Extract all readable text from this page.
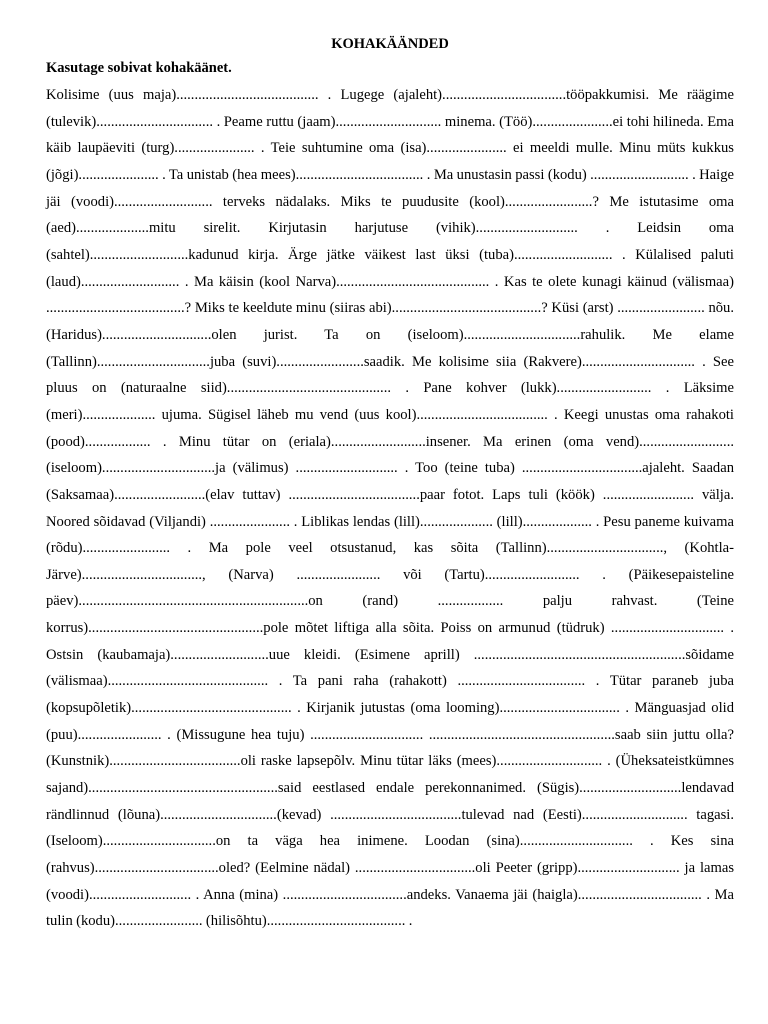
KOHAKÄÄNDED

Kasutage sobivat kohakäänet.

Kolisime (uus maja)....................................... . Lugege (ajaleht)..................................tööpakkumisi. Me räägime (tulevik)................................ . Peame ruttu (jaam)............................. minema. (Töö)......................ei tohi hilineda. Ema käib laupäeviti (turg)...................... . Teie suhtumine oma (isa)...................... ei meeldi mulle. Minu müts kukkus (jõgi)...................... . Ta unistab (hea mees)................................... . Ma unustasin passi (kodu) ........................... . Haige jäi (voodi)........................... terveks nädalaks. Miks te puudusite (kool)........................? Me istutasime oma (aed)....................mitu sirelit. Kirjutasin harjutuse (vihik)............................ . Leidsin oma (sahtel)...........................kadunud kirja. Ärge jätke väikest last üksi (tuba)........................... . Külalised paluti (laud)........................... . Ma käisin (kool Narva).......................................... . Kas te olete kunagi käinud (välismaa) ......................................? Miks te keeldute minu (siiras abi).........................................? Küsi (arst) ........................ nõu. (Haridus)..............................olen jurist. Ta on (iseloom)................................rahulik. Me elame (Tallinn)...............................juba (suvi)........................saadik. Me kolisime siia (Rakvere)............................... . See pluus on (naturaalne siid)............................................. . Pane kohver (lukk).......................... . Läksime (meri).................... ujuma. Sügisel läheb mu vend (uus kool).................................... . Keegi unustas oma rahakoti (pood).................. . Minu tütar on (eriala)..........................insener. Ma erinen (oma vend).......................... (iseloom)...............................ja (välimus) ............................ . Too (teine tuba) .................................ajaleht. Saadan (Saksamaa).........................(elav tuttav) ....................................paar fotot. Laps tuli (köök) ......................... välja. Noored sõidavad (Viljandi) ...................... . Liblikas lendas (lill).................... (lill)................... . Pesu paneme kuivama (rõdu)........................ . Ma pole veel otsustanud, kas sõita (Tallinn)................................, (Kohtla-Järve)................................., (Narva) ....................... või (Tartu).......................... . (Päikesepaisteline päev)...............................................................on (rand) .................. palju rahvast. (Teine korrus)................................................pole mõtet liftiga alla sõita. Poiss on armunud (tüdruk) ............................... . Ostsin (kaubamaja)...........................uue kleidi. (Esimene aprill) ..........................................................sõidame (välismaa)............................................ . Ta pani raha (rahakott) ................................... . Tütar paraneb juba (kopsupõletik)............................................ . Kirjanik jutustas (oma looming)................................. . Mänguasjad olid (puu)....................... . (Missugune hea tuju) ............................... ...................................................saab siin juttu olla? (Kunstnik)....................................oli raske lapsepõlv. Minu tütar läks (mees)............................. . (Üheksateistkümnes sajand)....................................................said eestlased endale perekonnanimed. (Sügis)............................lendavad rändlinnud (lõuna)................................(kevad) ....................................tulevad nad (Eesti)............................. tagasi. (Iseloom)...............................on ta väga hea inimene. Loodan (sina)............................... . Kes sina (rahvus)..................................oled? (Eelmine nädal) .................................oli Peeter (gripp)............................ ja lamas (voodi)............................ . Anna (mina) ..................................andeks. Vanaema jäi (haigla).................................. . Ma tulin (kodu)........................ (hilisõhtu)...................................... .
